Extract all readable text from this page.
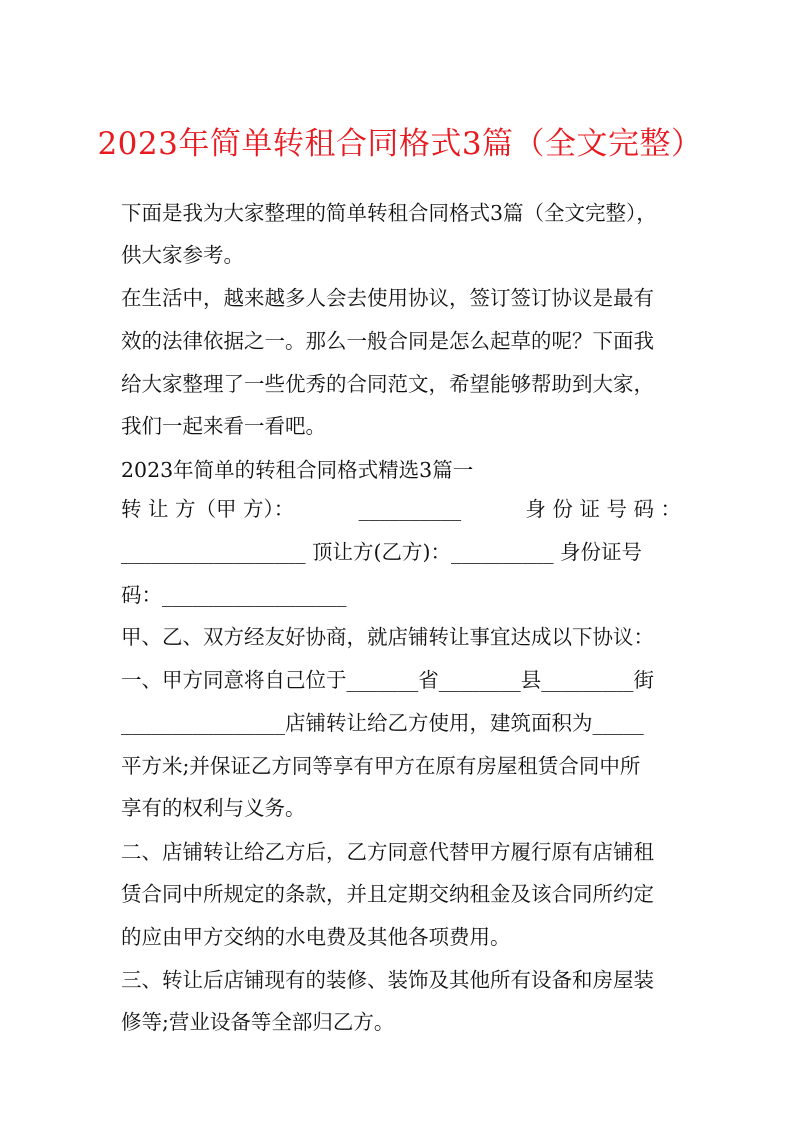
2023年简单转租合同格式3篇（全文完整）
下面是我为大家整理的简单转租合同格式3篇（全文完整），
供大家参考。
在生活中，越来越多人会去使用协议，签订签订协议是最有
效的法律依据之一。那么一般合同是怎么起草的呢？下面我
给大家整理了一些优秀的合同范文，希望能够帮助到大家，
我们一起来看一看吧。
2023年简单的转租合同格式精选3篇一
转 让 方（甲 方）：	__________	身 份 证 号 码 ：
__________________ 顶让方(乙方)：__________ 身份证号
码：__________________
甲、乙、双方经友好协商，就店铺转让事宜达成以下协议：
一、甲方同意将自己位于_______省________县_________街
________________店铺转让给乙方使用，建筑面积为_____
平方米;并保证乙方同等享有甲方在原有房屋租赁合同中所
享有的权利与义务。
二、店铺转让给乙方后，乙方同意代替甲方履行原有店铺租
赁合同中所规定的条款，并且定期交纳租金及该合同所约定
的应由甲方交纳的水电费及其他各项费用。
三、转让后店铺现有的装修、装饰及其他所有设备和房屋装
修等;营业设备等全部归乙方。
